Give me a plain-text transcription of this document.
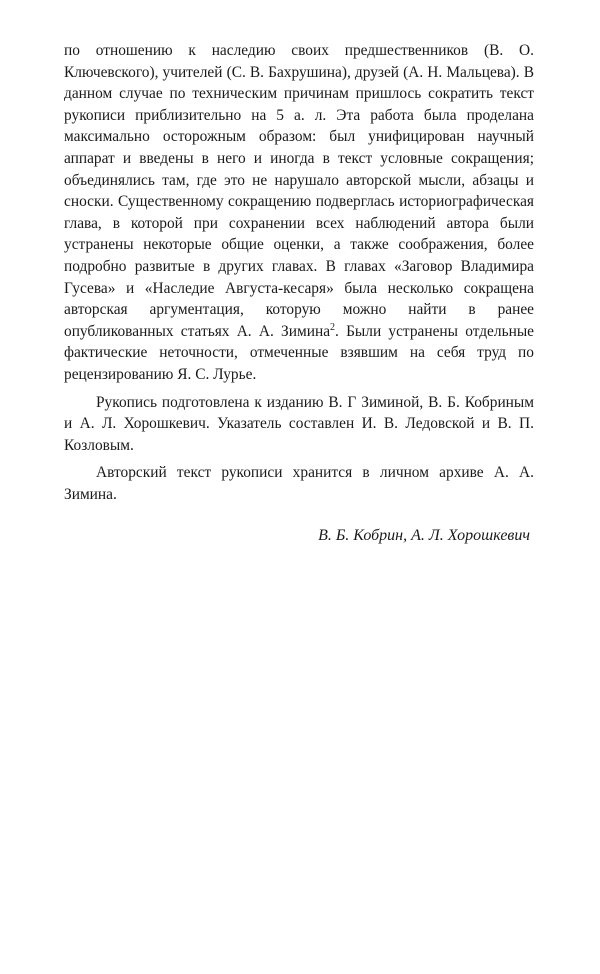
по отношению к наследию своих предшественников (В. О. Ключевского), учителей (С. В. Бахрушина), друзей (А. Н. Мальцева). В данном случае по техническим причинам пришлось сократить текст рукописи приблизительно на 5 а. л. Эта работа была проделана максимально осторожным образом: был унифицирован научный аппарат и введены в него и иногда в текст условные сокращения; объединялись там, где это не нарушало авторской мысли, абзацы и сноски. Существенному сокращению подверглась историографическая глава, в которой при сохранении всех наблюдений автора были устранены некоторые общие оценки, а также соображения, более подробно развитые в других главах. В главах «Заговор Владимира Гусева» и «Наследие Августа-кесаря» была несколько сокращена авторская аргументация, которую можно найти в ранее опубликованных статьях А. А. Зимина$^2$. Были устранены отдельные фактические неточности, отмеченные взявшим на себя труд по рецензированию Я. С. Лурье.

Рукопись подготовлена к изданию В. Г Зиминой, В. Б. Кобриным и А. Л. Хорошкевич. Указатель составлен И. В. Ледовской и В. П. Козловым.

Авторский текст рукописи хранится в личном архиве А. А. Зимина.

В. Б. Кобрин, А. Л. Хорошкевич
